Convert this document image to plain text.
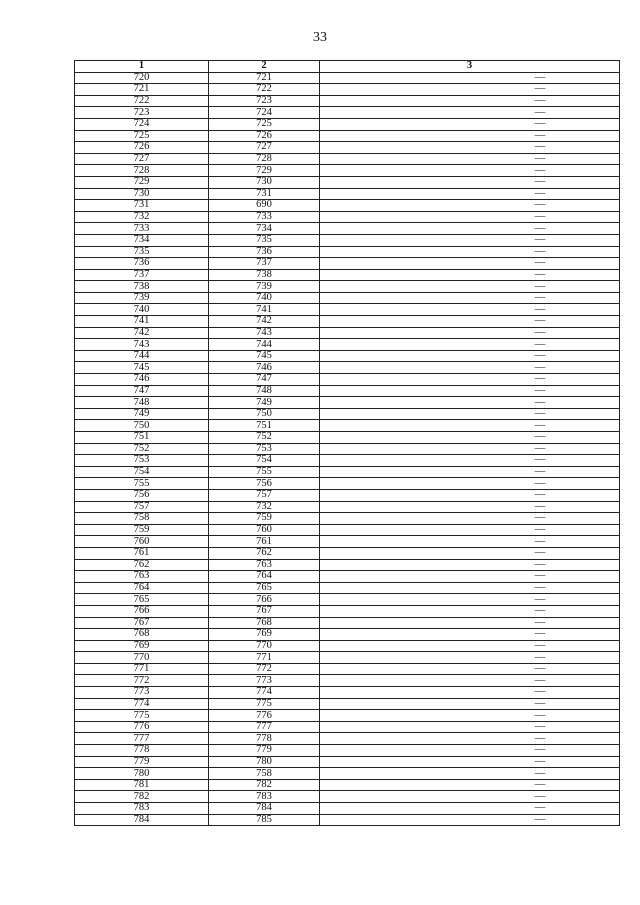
33
1	2	3
720	721	—
721	722	—
722	723	—
723	724	—
724	725	—
725	726	—
726	727	—
727	728	—
728	729	—
729	730	—
730	731	—
731	690	—
732	733	—
733	734	—
734	735	—
735	736	—
736	737	—
737	738	—
738	739	—
739	740	—
740	741	—
741	742	—
742	743	—
743	744	—
744	745	—
745	746	—
746	747	—
747	748	—
748	749	—
749	750	—
750	751	—
751	752	—
752	753	—
753	754	—
754	755	—
755	756	—
756	757	—
757	732	—
758	759	—
759	760	—
760	761	—
761	762	—
762	763	—
763	764	—
764	765	—
765	766	—
766	767	—
767	768	—
768	769	—
769	770	—
770	771	—
771	772	—
772	773	—
773	774	—
774	775	—
775	776	—
776	777	—
777	778	—
778	779	—
779	780	—
780	758	—
781	782	—
782	783	—
783	784	—
784	785	—
